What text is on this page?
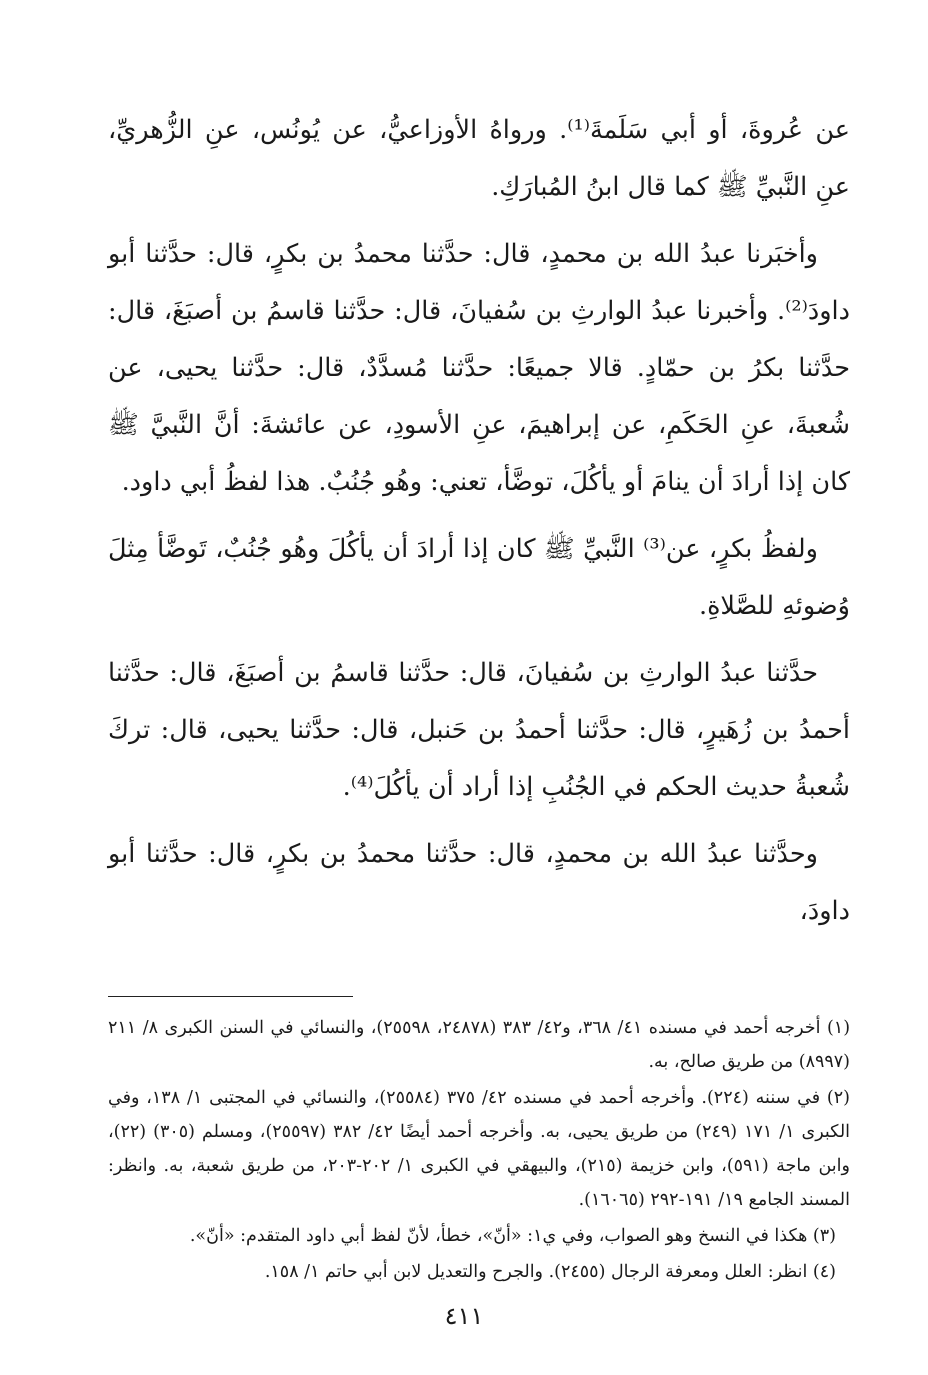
عن عُروةَ، أو أبي سَلَمةَ⁽¹⁾. ورواهُ الأوزاعيُّ، عن يُونُس، عنِ الزُّهريِّ، عنِ النَّبيِّ ﷺ كما قال ابنُ المُبارَكِ.

وأخبَرنا عبدُ الله بن محمدٍ، قال: حدَّثنا محمدُ بن بكرٍ، قال: حدَّثنا أبو داودَ⁽²⁾. وأخبرنا عبدُ الوارثِ بن سُفيانَ، قال: حدَّثنا قاسمُ بن أصبَغَ، قال: حدَّثنا بكرُ بن حمّادٍ. قالا جميعًا: حدَّثنا مُسدَّدٌ، قال: حدَّثنا يحيى، عن شُعبةَ، عنِ الحَكَمِ، عن إبراهيمَ، عنِ الأسودِ، عن عائشةَ: أنَّ النَّبيَّ ﷺ كان إذا أرادَ أن ينامَ أو يأكُلَ، توضَّأ، تعني: وهُو جُنُبٌ. هذا لفظُ أبي داود.

ولفظُ بكرٍ، عن⁽³⁾ النَّبيِّ ﷺ كان إذا أرادَ أن يأكُلَ وهُو جُنُبٌ، تَوضَّأ مِثلَ وُضوئهِ للصَّلاةِ.

حدَّثنا عبدُ الوارثِ بن سُفيانَ، قال: حدَّثنا قاسمُ بن أصبَغَ، قال: حدَّثنا أحمدُ بن زُهَيرٍ، قال: حدَّثنا أحمدُ بن حَنبل، قال: حدَّثنا يحيى، قال: تركَ شُعبةُ حديث الحكم في الجُنُبِ إذا أراد أن يأكُلَ⁽⁴⁾.

وحدَّثنا عبدُ الله بن محمدٍ، قال: حدَّثنا محمدُ بن بكرٍ، قال: حدَّثنا أبو داودَ،

(١) أخرجه أحمد في مسنده ٤١/ ٣٦٨، و٤٢/ ٣٨٣ (٢٤٨٧٨، ٢٥٥٩٨)، والنسائي في السنن الكبرى ٨/ ٢١١ (٨٩٩٧) من طريق صالح، به.

(٢) في سننه (٢٢٤). وأخرجه أحمد في مسنده ٤٢/ ٣٧٥ (٢٥٥٨٤)، والنسائي في المجتبى ١/ ١٣٨، وفي الكبرى ١/ ١٧١ (٢٤٩) من طريق يحيى، به. وأخرجه أحمد أيضًا ٤٢/ ٣٨٢ (٢٥٥٩٧)، ومسلم (٣٠٥) (٢٢)، وابن ماجة (٥٩١)، وابن خزيمة (٢١٥)، والبيهقي في الكبرى ١/ ٢٠٢-٢٠٣، من طريق شعبة، به. وانظر: المسند الجامع ١٩/ ١٩١-٢٩٢ (١٦٠٦٥).

(٣) هكذا في النسخ وهو الصواب، وفي ي١: «أنّ»، خطأ، لأنّ لفظ أبي داود المتقدم: «أنّ».

(٤) انظر: العلل ومعرفة الرجال (٢٤٥٥). والجرح والتعديل لابن أبي حاتم ١/ ١٥٨.

٤١١
